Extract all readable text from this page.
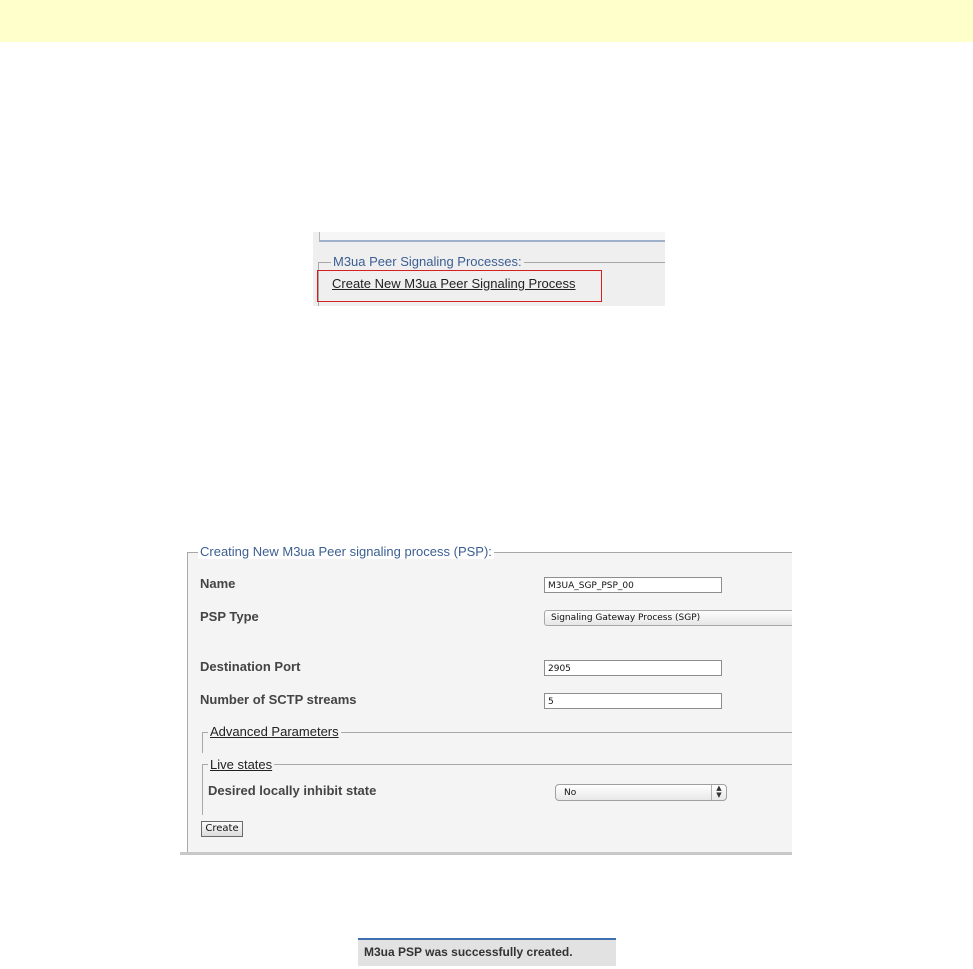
M3ua Peer Signaling Processes:
Create New M3ua Peer Signaling Process
Creating New M3ua Peer signaling process (PSP):
Name	M3UA_SGP_PSP_00
PSP Type	Signaling Gateway Process (SGP)
Destination Port	2905
Number of SCTP streams	5
Advanced Parameters
Live states
Desired locally inhibit state	No	▲
▼
Create
M3ua PSP was successfully created.
